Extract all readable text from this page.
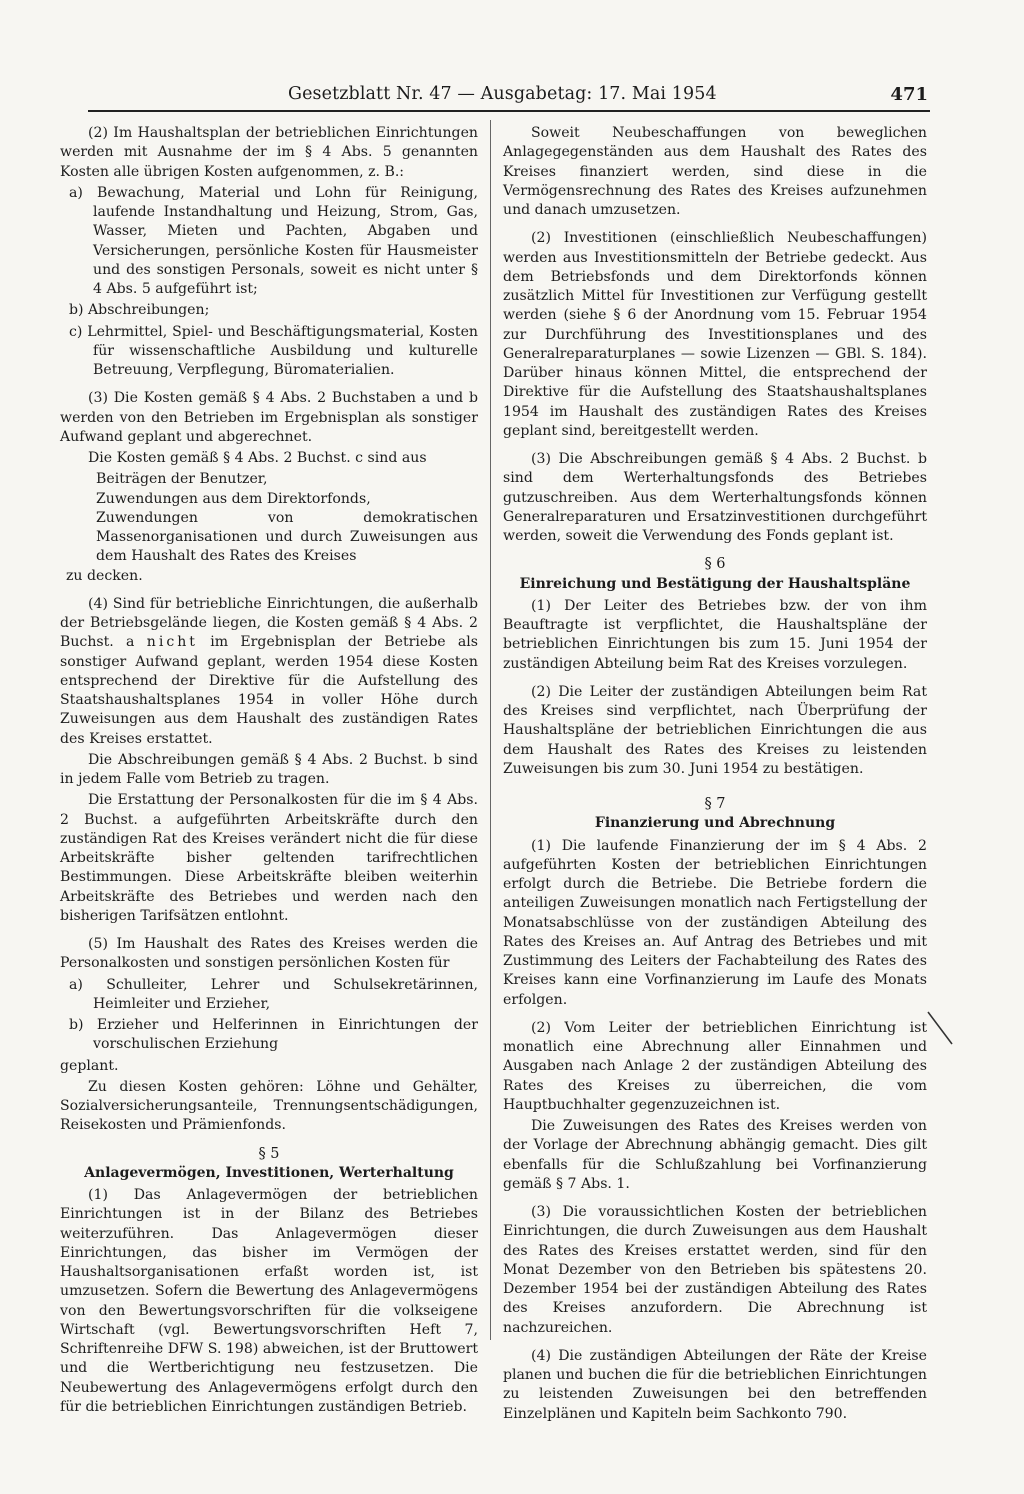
Gesetzblatt Nr. 47 — Ausgabetag: 17. Mai 1954	471

(2) Im Haushaltsplan der betrieblichen Einrichtungen werden mit Ausnahme der im § 4 Abs. 5 genannten Kosten alle übrigen Kosten aufgenommen, z. B.:

a) Bewachung, Material und Lohn für Reinigung, laufende Instandhaltung und Heizung, Strom, Gas, Wasser, Mieten und Pachten, Abgaben und Versicherungen, persönliche Kosten für Hausmeister und des sonstigen Personals, soweit es nicht unter § 4 Abs. 5 aufgeführt ist;

b) Abschreibungen;

c) Lehrmittel, Spiel- und Beschäftigungsmaterial, Kosten für wissenschaftliche Ausbildung und kulturelle Betreuung, Verpflegung, Büromaterialien.

(3) Die Kosten gemäß § 4 Abs. 2 Buchstaben a und b werden von den Betrieben im Ergebnisplan als sonstiger Aufwand geplant und abgerechnet.

Die Kosten gemäß § 4 Abs. 2 Buchst. c sind aus

Beiträgen der Benutzer,

Zuwendungen aus dem Direktorfonds,

Zuwendungen von demokratischen Massenorganisationen und durch Zuweisungen aus dem Haushalt des Rates des Kreises

zu decken.

(4) Sind für betriebliche Einrichtungen, die außerhalb der Betriebsgelände liegen, die Kosten gemäß § 4 Abs. 2 Buchst. a nicht im Ergebnisplan der Betriebe als sonstiger Aufwand geplant, werden 1954 diese Kosten entsprechend der Direktive für die Aufstellung des Staatshaushaltsplanes 1954 in voller Höhe durch Zuweisungen aus dem Haushalt des zuständigen Rates des Kreises erstattet.

Die Abschreibungen gemäß § 4 Abs. 2 Buchst. b sind in jedem Falle vom Betrieb zu tragen.

Die Erstattung der Personalkosten für die im § 4 Abs. 2 Buchst. a aufgeführten Arbeitskräfte durch den zuständigen Rat des Kreises verändert nicht die für diese Arbeitskräfte bisher geltenden tarifrechtlichen Bestimmungen. Diese Arbeitskräfte bleiben weiterhin Arbeitskräfte des Betriebes und werden nach den bisherigen Tarifsätzen entlohnt.

(5) Im Haushalt des Rates des Kreises werden die Personalkosten und sonstigen persönlichen Kosten für

a) Schulleiter, Lehrer und Schulsekretärinnen, Heimleiter und Erzieher,

b) Erzieher und Helferinnen in Einrichtungen der vorschulischen Erziehung

geplant.

Zu diesen Kosten gehören: Löhne und Gehälter, Sozialversicherungsanteile, Trennungsentschädigungen, Reisekosten und Prämienfonds.

§ 5

Anlagevermögen, Investitionen, Werterhaltung

(1) Das Anlagevermögen der betrieblichen Einrichtungen ist in der Bilanz des Betriebes weiterzuführen. Das Anlagevermögen dieser Einrichtungen, das bisher im Vermögen der Haushaltsorganisationen erfaßt worden ist, ist umzusetzen. Sofern die Bewertung des Anlagevermögens von den Bewertungsvorschriften für die volkseigene Wirtschaft (vgl. Bewertungsvorschriften Heft 7, Schriftenreihe DFW S. 198) abweichen, ist der Bruttowert und die Wertberichtigung neu festzusetzen. Die Neubewertung des Anlagevermögens erfolgt durch den für die betrieblichen Einrichtungen zuständigen Betrieb.

Soweit Neubeschaffungen von beweglichen Anlagegegenständen aus dem Haushalt des Rates des Kreises finanziert werden, sind diese in die Vermögensrechnung des Rates des Kreises aufzunehmen und danach umzusetzen.

(2) Investitionen (einschließlich Neubeschaffungen) werden aus Investitionsmitteln der Betriebe gedeckt. Aus dem Betriebsfonds und dem Direktorfonds können zusätzlich Mittel für Investitionen zur Verfügung gestellt werden (siehe § 6 der Anordnung vom 15. Februar 1954 zur Durchführung des Investitionsplanes und des Generalreparaturplanes — sowie Lizenzen — GBl. S. 184). Darüber hinaus können Mittel, die entsprechend der Direktive für die Aufstellung des Staatshaushaltsplanes 1954 im Haushalt des zuständigen Rates des Kreises geplant sind, bereitgestellt werden.

(3) Die Abschreibungen gemäß § 4 Abs. 2 Buchst. b sind dem Werterhaltungsfonds des Betriebes gutzuschreiben. Aus dem Werterhaltungsfonds können Generalreparaturen und Ersatzinvestitionen durchgeführt werden, soweit die Verwendung des Fonds geplant ist.

§ 6

Einreichung und Bestätigung der Haushaltspläne

(1) Der Leiter des Betriebes bzw. der von ihm Beauftragte ist verpflichtet, die Haushaltspläne der betrieblichen Einrichtungen bis zum 15. Juni 1954 der zuständigen Abteilung beim Rat des Kreises vorzulegen.

(2) Die Leiter der zuständigen Abteilungen beim Rat des Kreises sind verpflichtet, nach Überprüfung der Haushaltspläne der betrieblichen Einrichtungen die aus dem Haushalt des Rates des Kreises zu leistenden Zuweisungen bis zum 30. Juni 1954 zu bestätigen.

§ 7

Finanzierung und Abrechnung

(1) Die laufende Finanzierung der im § 4 Abs. 2 aufgeführten Kosten der betrieblichen Einrichtungen erfolgt durch die Betriebe. Die Betriebe fordern die anteiligen Zuweisungen monatlich nach Fertigstellung der Monatsabschlüsse von der zuständigen Abteilung des Rates des Kreises an. Auf Antrag des Betriebes und mit Zustimmung des Leiters der Fachabteilung des Rates des Kreises kann eine Vorfinanzierung im Laufe des Monats erfolgen.

(2) Vom Leiter der betrieblichen Einrichtung ist monatlich eine Abrechnung aller Einnahmen und Ausgaben nach Anlage 2 der zuständigen Abteilung des Rates des Kreises zu überreichen, die vom Hauptbuchhalter gegenzuzeichnen ist.

Die Zuweisungen des Rates des Kreises werden von der Vorlage der Abrechnung abhängig gemacht. Dies gilt ebenfalls für die Schlußzahlung bei Vorfinanzierung gemäß § 7 Abs. 1.

(3) Die voraussichtlichen Kosten der betrieblichen Einrichtungen, die durch Zuweisungen aus dem Haushalt des Rates des Kreises erstattet werden, sind für den Monat Dezember von den Betrieben bis spätestens 20. Dezember 1954 bei der zuständigen Abteilung des Rates des Kreises anzufordern. Die Abrechnung ist nachzureichen.

(4) Die zuständigen Abteilungen der Räte der Kreise planen und buchen die für die betrieblichen Einrichtungen zu leistenden Zuweisungen bei den betreffenden Einzelplänen und Kapiteln beim Sachkonto 790.
